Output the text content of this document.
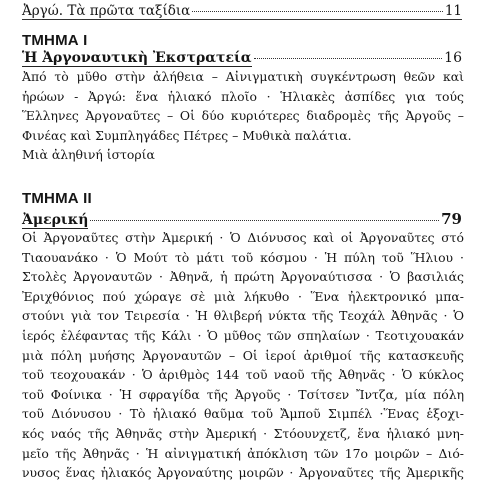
Ἀργώ. Τὰ πρῶτα ταξίδια	11
ΤΜΗΜΑ Ι
Ἡ Ἀργοναυτικὴ Ἐκστρατεία	16
Ἀπό τὸ μῦθο στὴν ἀλήθεια – Αἰνιγματικὴ συγκέντρωση θεῶν καὶ
ἡρώων - Ἀργώ: ἕνα ἡλιακό πλοῖο · Ἡλιακὲς ἀσπίδες για τούς
Ἕλληνες Ἀργοναῦτες – Οἱ δύο κυριότερες διαδρομὲς τῆς Ἀργοῦς –
Φινέας καὶ Συμπληγάδες Πέτρες – Μυθικὰ παλάτια.
Μιὰ ἀληθινή ἱστορία
ΤΜΗΜΑ ΙΙ
Ἀμερική	79
Οἱ Ἀργοναῦτες στὴν Ἀμερική · Ὁ Διόνυσος καὶ οἱ Ἀργοναῦτες στό
Τιαουανάκο · Ὁ Μούτ τὸ μάτι τοῦ κόσμου · Ἡ πύλη τοῦ Ἥλιου ·
Στολὲς Ἀργοναυτῶν · Ἀθηνᾶ, ἡ πρώτη Ἀργοναύτισσα · Ὁ βασιλιάς
Ἐριχθόνιος πού χώραγε σὲ μιὰ λήκυθο · Ἕνα ἠλεκτρονικό μπα-
στούνι γιὰ τον Τειρεσία · Ἡ θλιβερή νύκτα τῆς Τεοχάλ Ἀθηνᾶς · Ὁ
ἱερός ἐλέφαντας τῆς Κάλι · Ὁ μῦθος τῶν σπηλαίων · Τεοτιχουακάν
μιὰ πόλη μυήσης Ἀργοναυτῶν – Οἱ ἱεροί ἀριθμοί τῆς κατασκευῆς
τοῦ τεοχουακάν · Ὁ ἀριθμὸς 144 τοῦ ναοῦ τῆς Ἀθηνᾶς · Ὁ κύκλος
τοῦ Φοίνικα · Ἡ σφραγίδα τῆς Ἀργοῦς · Τσίτσεν Ἴντζα, μία πόλη
τοῦ Διόνυσου · Τὸ ἡλιακό θαῦμα τοῦ Ἄμποῦ Σιμπέλ ·Ἕνας ἑξοχι-
κός ναός τῆς Ἀθηνᾶς στὴν Ἀμερική · Στόουνχετζ, ἕνα ἡλιακό μνη-
μεῖο τῆς Ἀθηνᾶς · Ἡ αἰνιγματική ἀπόκλιση τῶν 17ο μοιρῶν – Διό-
νυσος ἕνας ἡλιακός Ἀργοναύτης μοιρῶν · Ἀργοναῦτες τῆς Ἀμερικῆς
